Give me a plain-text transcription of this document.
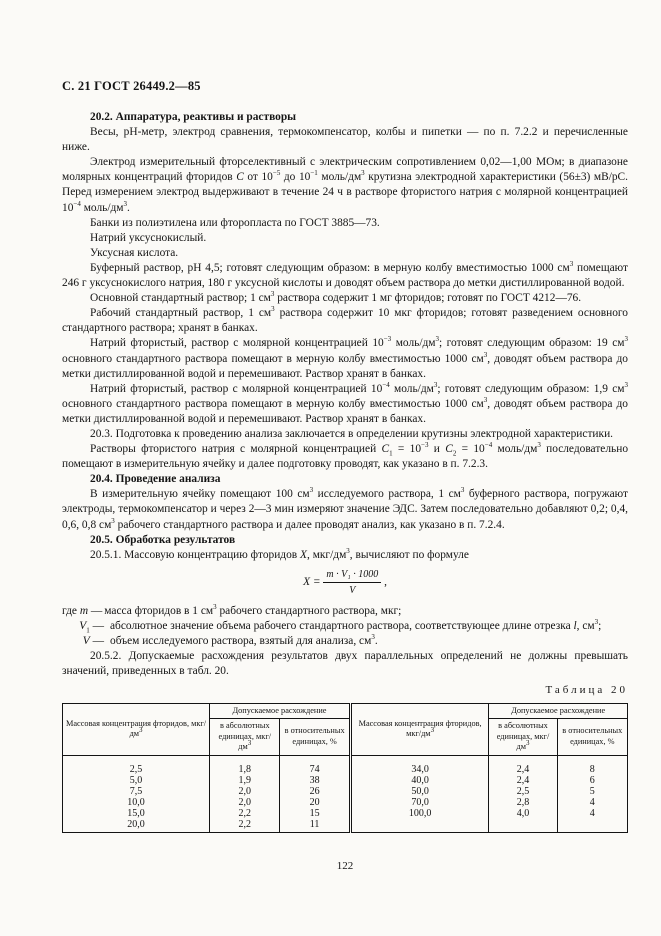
С. 21 ГОСТ 26449.2—85

20.2. Аппаратура, реактивы и растворы

Весы, pH-метр, электрод сравнения, термокомпенсатор, колбы и пипетки — по п. 7.2.2 и перечисленные ниже.

Электрод измерительный фторселективный с электрическим сопротивлением 0,02—1,00 МОм; в диапазоне молярных концентраций фторидов C от $10^{-5}$ до $10^{-1}$ моль/$дм^3$ крутизна электродной характеристики (56±3) мВ/pC. Перед измерением электрод выдерживают в течение 24 ч в растворе фтористого натрия с молярной концентрацией $10^{-4}$ моль/$дм^3$.

Банки из полиэтилена или фторопласта по ГОСТ 3885—73.

Натрий уксуснокислый.

Уксусная кислота.

Буферный раствор, pH 4,5; готовят следующим образом: в мерную колбу вместимостью 1000 $см^3$ помещают 246 г уксуснокислого натрия, 180 г уксусной кислоты и доводят объем раствора до метки дистиллированной водой.

Основной стандартный раствор; 1 $см^3$ раствора содержит 1 мг фторидов; готовят по ГОСТ 4212—76.

Рабочий стандартный раствор, 1 $см^3$ раствора содержит 10 мкг фторидов; готовят разведением основного стандартного раствора; хранят в банках.

Натрий фтористый, раствор с молярной концентрацией $10^{-3}$ моль/$дм^3$; готовят следующим образом: 19 $см^3$ основного стандартного раствора помещают в мерную колбу вместимостью 1000 $см^3$, доводят объем раствора до метки дистиллированной водой и перемешивают. Раствор хранят в банках.

Натрий фтористый, раствор с молярной концентрацией $10^{-4}$ моль/$дм^3$; готовят следующим образом: 1,9 $см^3$ основного стандартного раствора помещают в мерную колбу вместимостью 1000 $см^3$, доводят объем раствора до метки дистиллированной водой и перемешивают. Раствор хранят в банках.

20.3. Подготовка к проведению анализа заключается в определении крутизны электродной характеристики.

Растворы фтористого натрия с молярной концентрацией $C_1 = 10^{-3}$ и $C_2 = 10^{-4}$ моль/$дм^3$ последовательно помещают в измерительную ячейку и далее подготовку проводят, как указано в п. 7.2.3.

20.4. Проведение анализа

В измерительную ячейку помещают 100 $см^3$ исследуемого раствора, 1 $см^3$ буферного раствора, погружают электроды, термокомпенсатор и через 2—3 мин измеряют значение ЭДС. Затем последовательно добавляют 0,2; 0,4, 0,6, 0,8 $см^3$ рабочего стандартного раствора и далее проводят анализ, как указано в п. 7.2.4.

20.5. Обработка результатов

20.5.1. Массовую концентрацию фторидов X, мкг/$дм^3$, вычисляют по формуле

$X = \frac{\text{m · V₁ · 1000}}{V}$ ,
где m — масса фторидов в 1 $см^3$ рабочего стандартного раствора, мкг;
$V_1$ — абсолютное значение объема рабочего стандартного раствора, соответствующее длине отрезка l, $см^3$;
V — объем исследуемого раствора, взятый для анализа, $см^3$.

20.5.2. Допускаемые расхождения результатов двух параллельных определений не должны превышать значений, приведенных в табл. 20.

Таблица 20
Массовая концентрация фторидов, мкг/$дм^3$	Допускаемое расхождение		Массовая концентрация фторидов, мкг/$дм^3$	Допускаемое расхождение	
	в абсолютных единицах, мкг/$дм^3$	в относительных единицах, %		в абсолютных единицах, мкг/$дм^3$	в относительных единицах, %
2,5	1,8	74	34,0	2,4	8
5,0	1,9	38	40,0	2,4	6
7,5	2,0	26	50,0	2,5	5
10,0	2,0	20	70,0	2,8	4
15,0	2,2	15	100,0	4,0	4
20,0	2,2	11			
122
